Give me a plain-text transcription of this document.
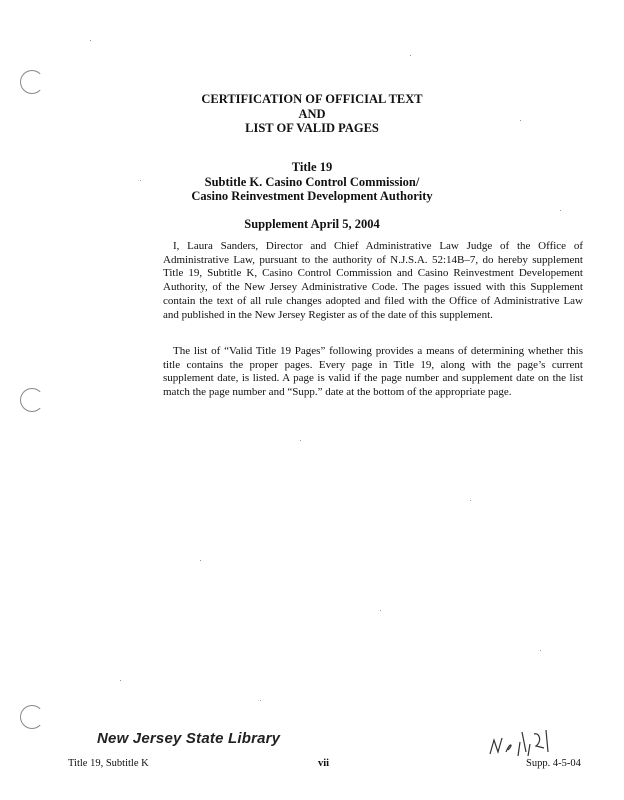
CERTIFICATION OF OFFICIAL TEXT
AND
LIST OF VALID PAGES
Title 19
Subtitle K. Casino Control Commission/
Casino Reinvestment Development Authority
Supplement April 5, 2004

I, Laura Sanders, Director and Chief Administrative Law Judge of the Office of Administrative Law, pursuant to the authority of N.J.S.A. 52:14B–7, do hereby supplement Title 19, Subtitle K, Casino Control Commission and Casino Reinvestment Developement Authority, of the New Jersey Administrative Code. The pages issued with this Supplement contain the text of all rule changes adopted and filed with the Office of Administrative Law and published in the New Jersey Register as of the date of this supplement.

The list of “Valid Title 19 Pages” following provides a means of determining whether this title contains the proper pages. Every page in Title 19, along with the page’s current supplement date, is listed. A page is valid if the page number and supplement date on the list match the page number and “Supp.” date at the bottom of the appropriate page.

New Jersey State Library
Title 19, Subtitle K	vii	Supp. 4-5-04
